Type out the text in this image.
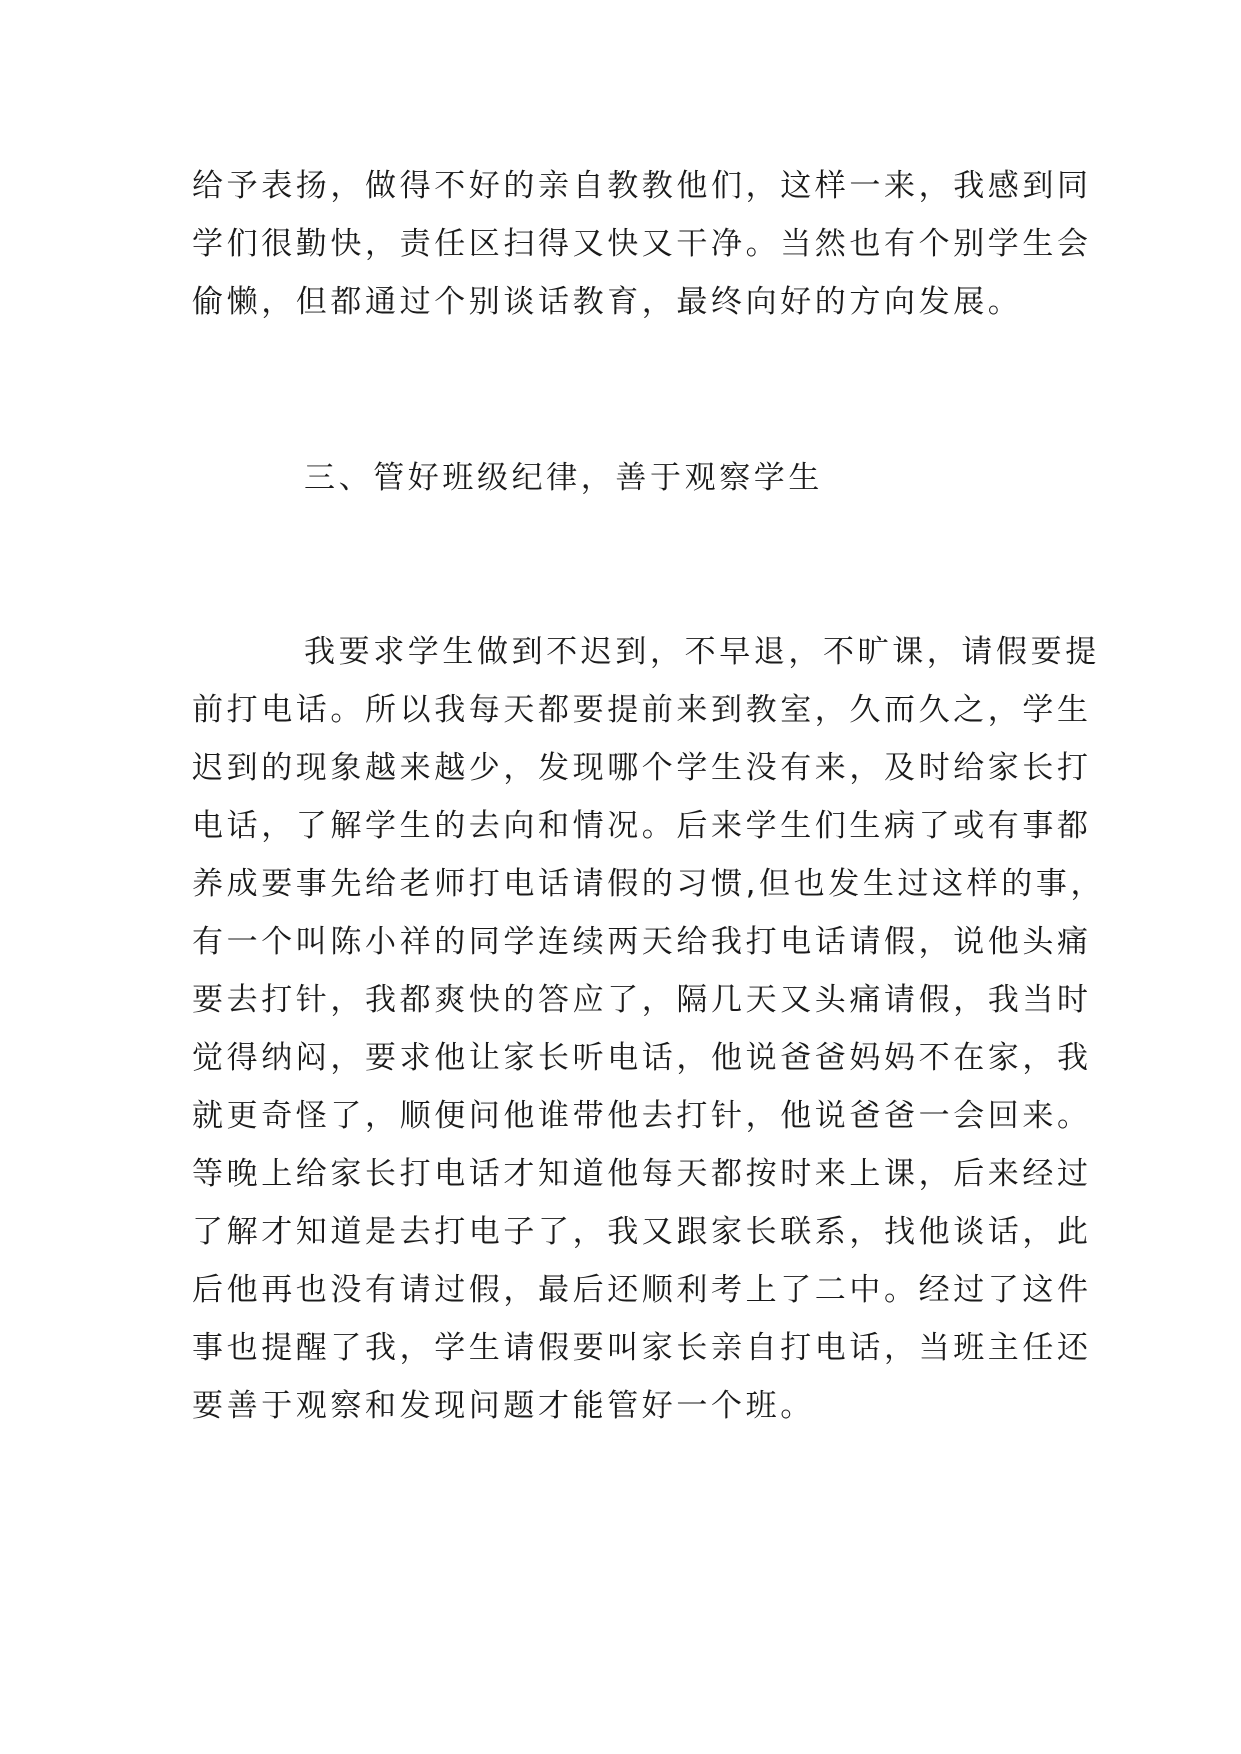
给予表扬，做得不好的亲自教教他们，这样一来，我感到同
学们很勤快，责任区扫得又快又干净。当然也有个别学生会
偷懒，但都通过个别谈话教育，最终向好的方向发展。
三、管好班级纪律，善于观察学生
我要求学生做到不迟到，不早退，不旷课，请假要提
前打电话。所以我每天都要提前来到教室，久而久之，学生
迟到的现象越来越少，发现哪个学生没有来，及时给家长打
电话，了解学生的去向和情况。后来学生们生病了或有事都
养成要事先给老师打电话请假的习惯,但也发生过这样的事，
有一个叫陈小祥的同学连续两天给我打电话请假，说他头痛
要去打针，我都爽快的答应了，隔几天又头痛请假，我当时
觉得纳闷，要求他让家长听电话，他说爸爸妈妈不在家，我
就更奇怪了，顺便问他谁带他去打针，他说爸爸一会回来。
等晚上给家长打电话才知道他每天都按时来上课，后来经过
了解才知道是去打电子了，我又跟家长联系，找他谈话，此
后他再也没有请过假，最后还顺利考上了二中。经过了这件
事也提醒了我，学生请假要叫家长亲自打电话，当班主任还
要善于观察和发现问题才能管好一个班。
